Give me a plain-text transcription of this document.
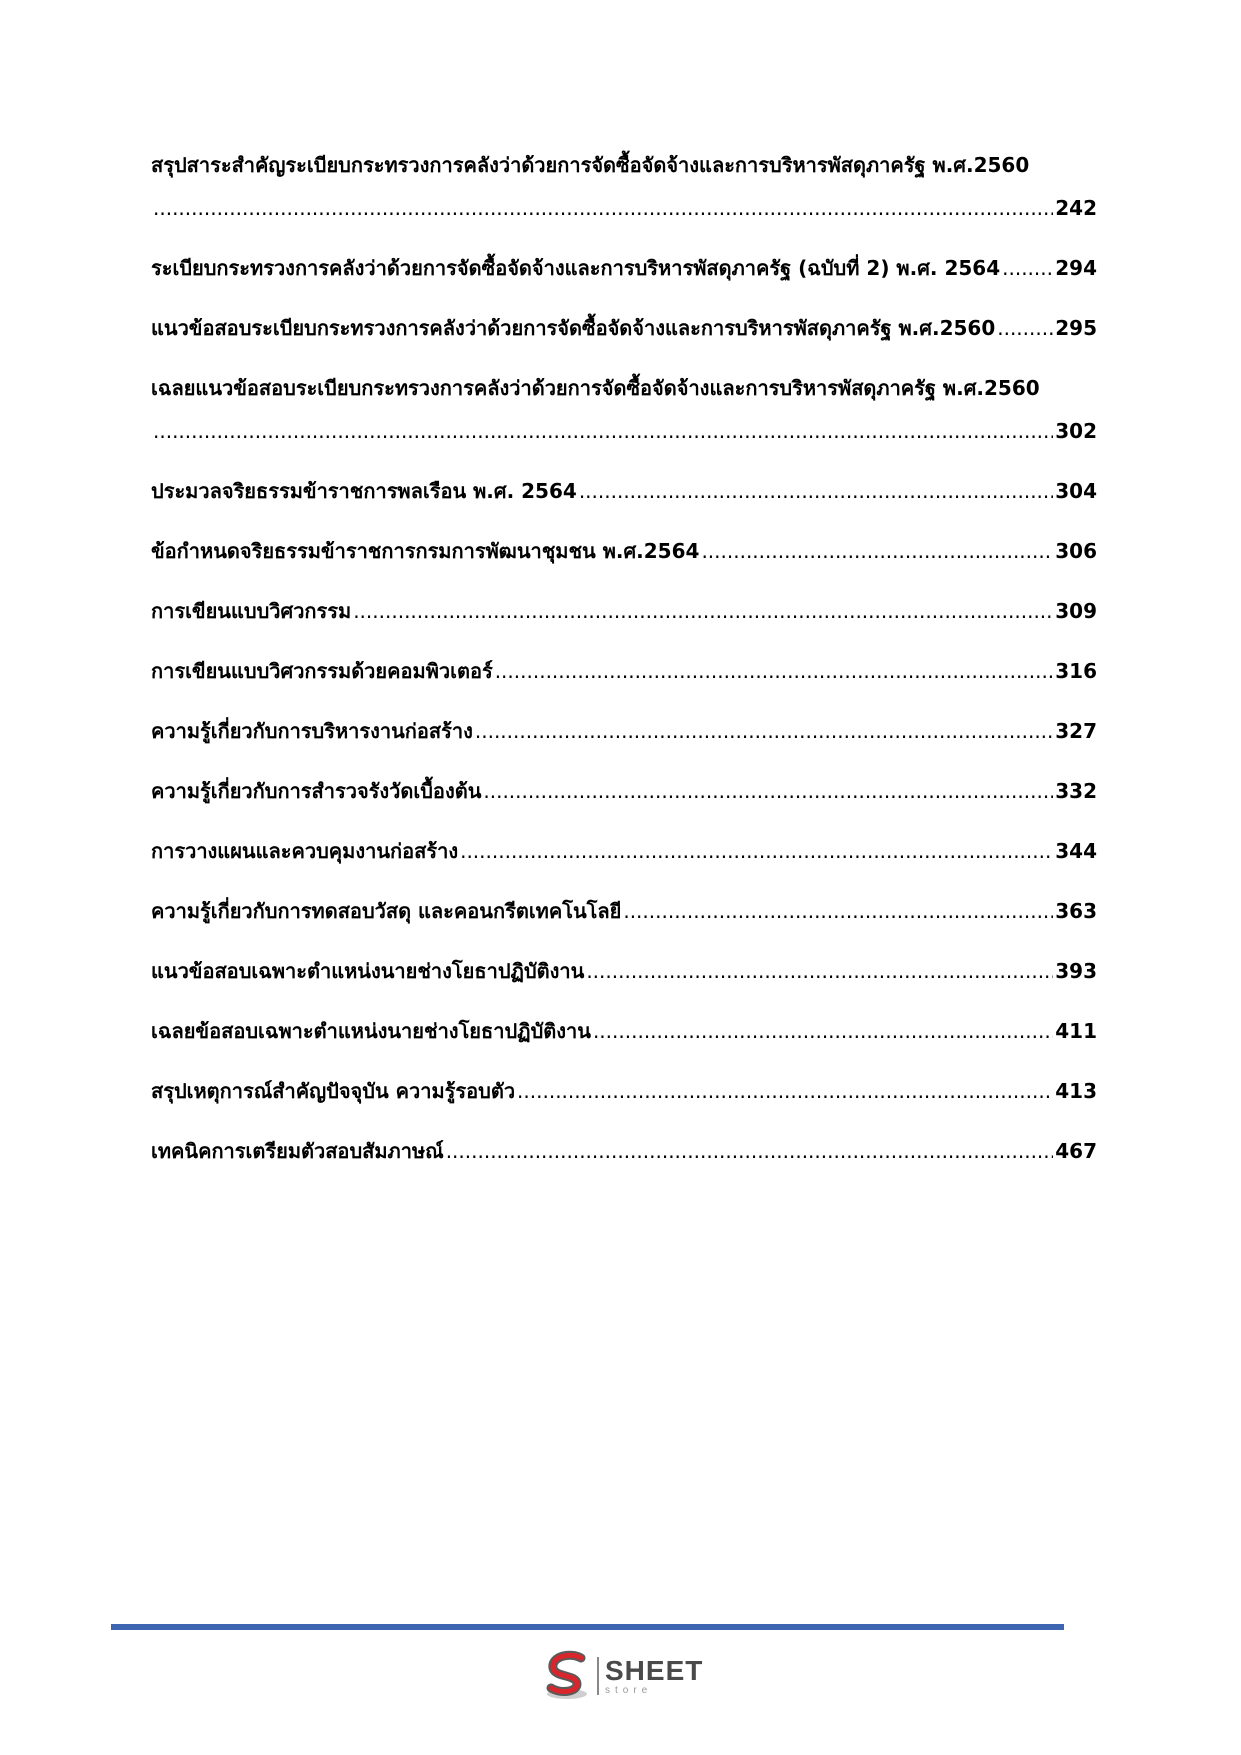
สรุปสาระสำคัญระเบียบกระทรวงการคลังว่าด้วยการจัดซื้อจัดจ้างและการบริหารพัสดุภาครัฐ พ.ศ.2560
.....
242
ระเบียบกระทรวงการคลังว่าด้วยการจัดซื้อจัดจ้างและการบริหารพัสดุภาครัฐ (ฉบับที่ 2) พ.ศ. 2564 .....	294
แนวข้อสอบระเบียบกระทรวงการคลังว่าด้วยการจัดซื้อจัดจ้างและการบริหารพัสดุภาครัฐ พ.ศ.2560 .....	295
เฉลยแนวข้อสอบระเบียบกระทรวงการคลังว่าด้วยการจัดซื้อจัดจ้างและการบริหารพัสดุภาครัฐ พ.ศ.2560
.....
302
ประมวลจริยธรรมข้าราชการพลเรือน พ.ศ. 2564 .....	304
ข้อกำหนดจริยธรรมข้าราชการกรมการพัฒนาชุมชน พ.ศ.2564 .....	306
การเขียนแบบวิศวกรรม .....	309
การเขียนแบบวิศวกรรมด้วยคอมพิวเตอร์ .....	316
ความรู้เกี่ยวกับการบริหารงานก่อสร้าง .....	327
ความรู้เกี่ยวกับการสำรวจรังวัดเบื้องต้น .....	332
การวางแผนและควบคุมงานก่อสร้าง .....	344
ความรู้เกี่ยวกับการทดสอบวัสดุ และคอนกรีตเทคโนโลยี .....	363
แนวข้อสอบเฉพาะตำแหน่งนายช่างโยธาปฏิบัติงาน .....	393
เฉลยข้อสอบเฉพาะตำแหน่งนายช่างโยธาปฏิบัติงาน .....	411
สรุปเหตุการณ์สำคัญปัจจุบัน ความรู้รอบตัว .....	413
เทคนิคการเตรียมตัวสอบสัมภาษณ์ .....	467
SHEET
store
